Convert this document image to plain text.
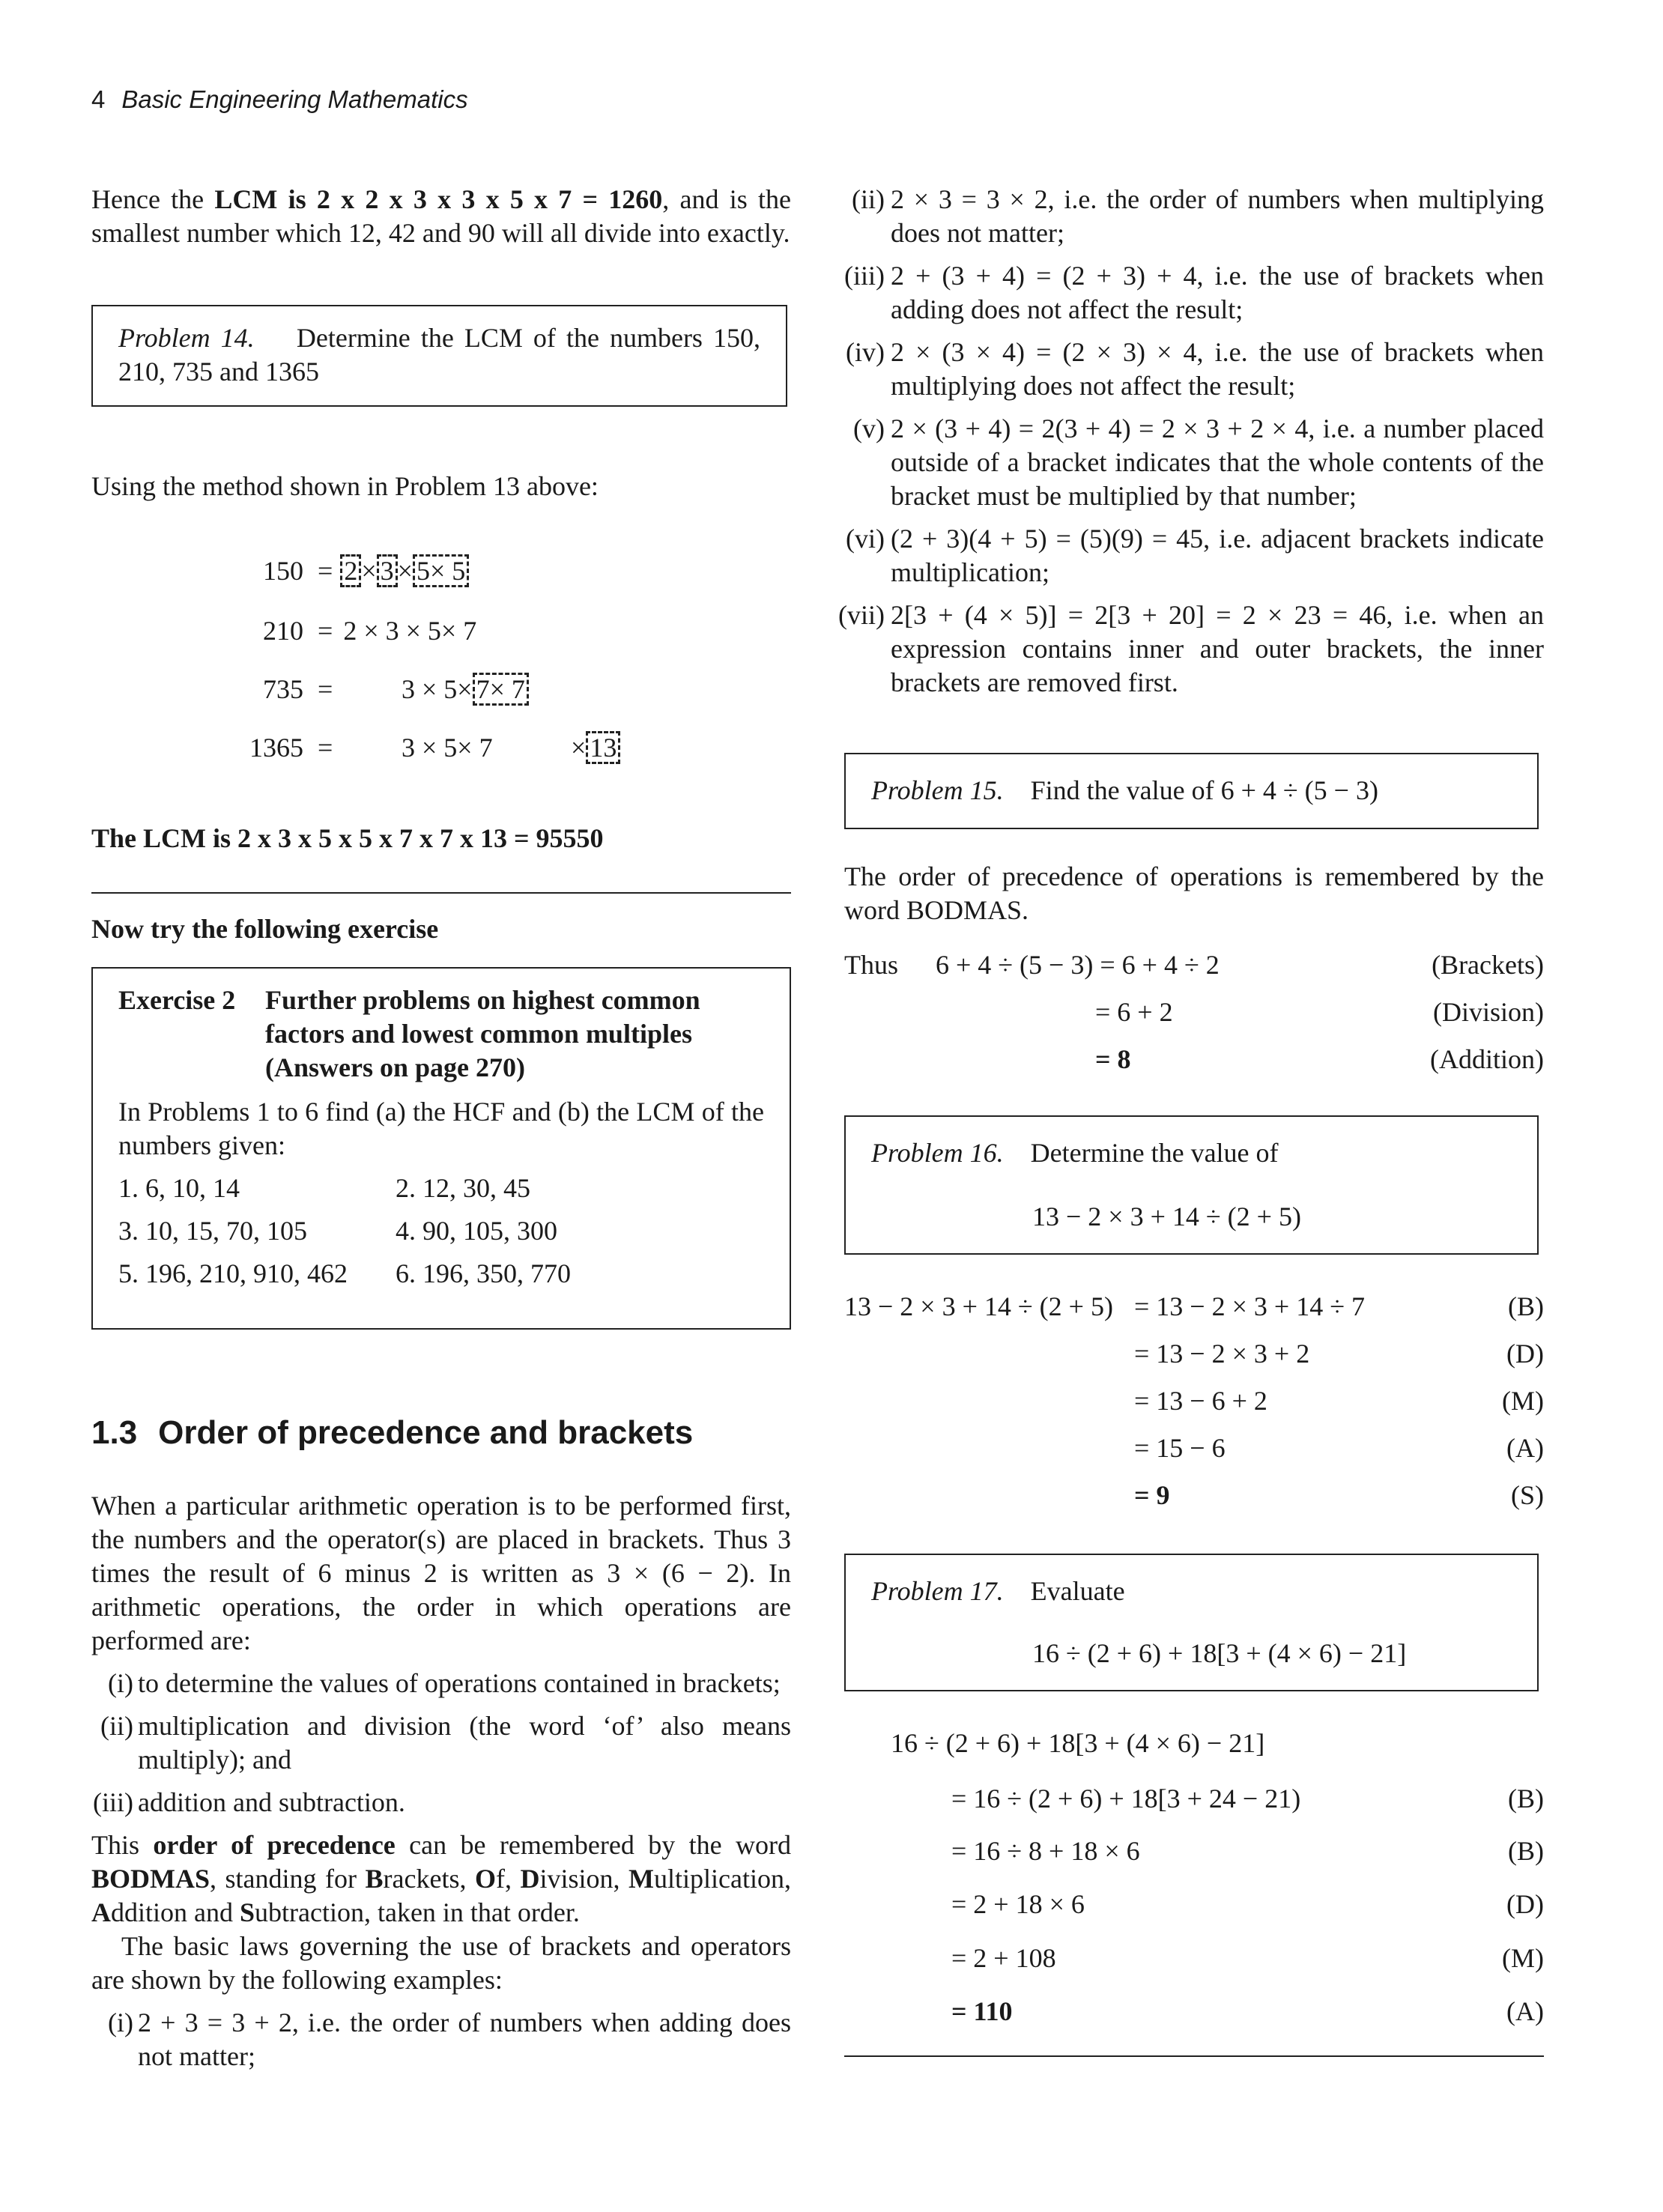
4 Basic Engineering Mathematics
Hence the LCM is 2 x 2 x 3 x 3 x 5 x 7 = 1260, and is the smallest number which 12, 42 and 90 will all divide into exactly.
Problem 14. Determine the LCM of the numbers 150, 210, 735 and 1365
Using the method shown in Problem 13 above:
150 = 2 × 3 × 5× 5
210 = 2 × 3 × 5× 7
735 =	3 × 5× 7× 7
1365 =	3 × 5× 7	× 13
The LCM is 2 x 3 x 5 x 5 x 7 x 7 x 13 = 95550
Now try the following exercise
Exercise 2	Further problems on highest common factors and lowest common multiples (Answers on page 270)
In Problems 1 to 6 find (a) the HCF and (b) the LCM of the numbers given:
1. 6, 10, 14	2. 12, 30, 45
3. 10, 15, 70, 105	4. 90, 105, 300
5. 196, 210, 910, 462	6. 196, 350, 770
1.3 Order of precedence and brackets
When a particular arithmetic operation is to be performed first, the numbers and the operator(s) are placed in brackets. Thus 3 times the result of 6 minus 2 is written as 3 × (6 − 2). In arithmetic operations, the order in which operations are performed are:
(i) to determine the values of operations contained in brackets;
(ii) multiplication and division (the word ‘of’ also means multiply); and
(iii) addition and subtraction.
This order of precedence can be remembered by the word BODMAS, standing for Brackets, Of, Division, Multiplication, Addition and Subtraction, taken in that order.
The basic laws governing the use of brackets and operators are shown by the following examples:
(i) 2 + 3 = 3 + 2, i.e. the order of numbers when adding does not matter;
(ii) 2 × 3 = 3 × 2, i.e. the order of numbers when multiplying does not matter;
(iii) 2 + (3 + 4) = (2 + 3) + 4, i.e. the use of brackets when adding does not affect the result;
(iv) 2 × (3 × 4) = (2 × 3) × 4, i.e. the use of brackets when multiplying does not affect the result;
(v) 2 × (3 + 4) = 2(3 + 4) = 2 × 3 + 2 × 4, i.e. a number placed outside of a bracket indicates that the whole contents of the bracket must be multiplied by that number;
(vi) (2 + 3)(4 + 5) = (5)(9) = 45, i.e. adjacent brackets indicate multiplication;
(vii) 2[3 + (4 × 5)] = 2[3 + 20] = 2 × 23 = 46, i.e. when an expression contains inner and outer brackets, the inner brackets are removed first.
Problem 15. Find the value of 6 + 4 ÷ (5 − 3)
The order of precedence of operations is remembered by the word BODMAS.
Thus 6 + 4 ÷ (5 − 3) = 6 + 4 ÷ 2	(Brackets)
= 6 + 2	(Division)
= 8	(Addition)
Problem 16. Determine the value of
13 − 2 × 3 + 14 ÷ (2 + 5)
13 − 2 × 3 + 14 ÷ (2 + 5) = 13 − 2 × 3 + 14 ÷ 7	(B)
= 13 − 2 × 3 + 2	(D)
= 13 − 6 + 2	(M)
= 15 − 6	(A)
= 9	(S)
Problem 17. Evaluate
16 ÷ (2 + 6) + 18[3 + (4 × 6) − 21]
16 ÷ (2 + 6) + 18[3 + (4 × 6) − 21]
= 16 ÷ (2 + 6) + 18[3 + 24 − 21)	(B)
= 16 ÷ 8 + 18 × 6	(B)
= 2 + 18 × 6	(D)
= 2 + 108	(M)
= 110	(A)
